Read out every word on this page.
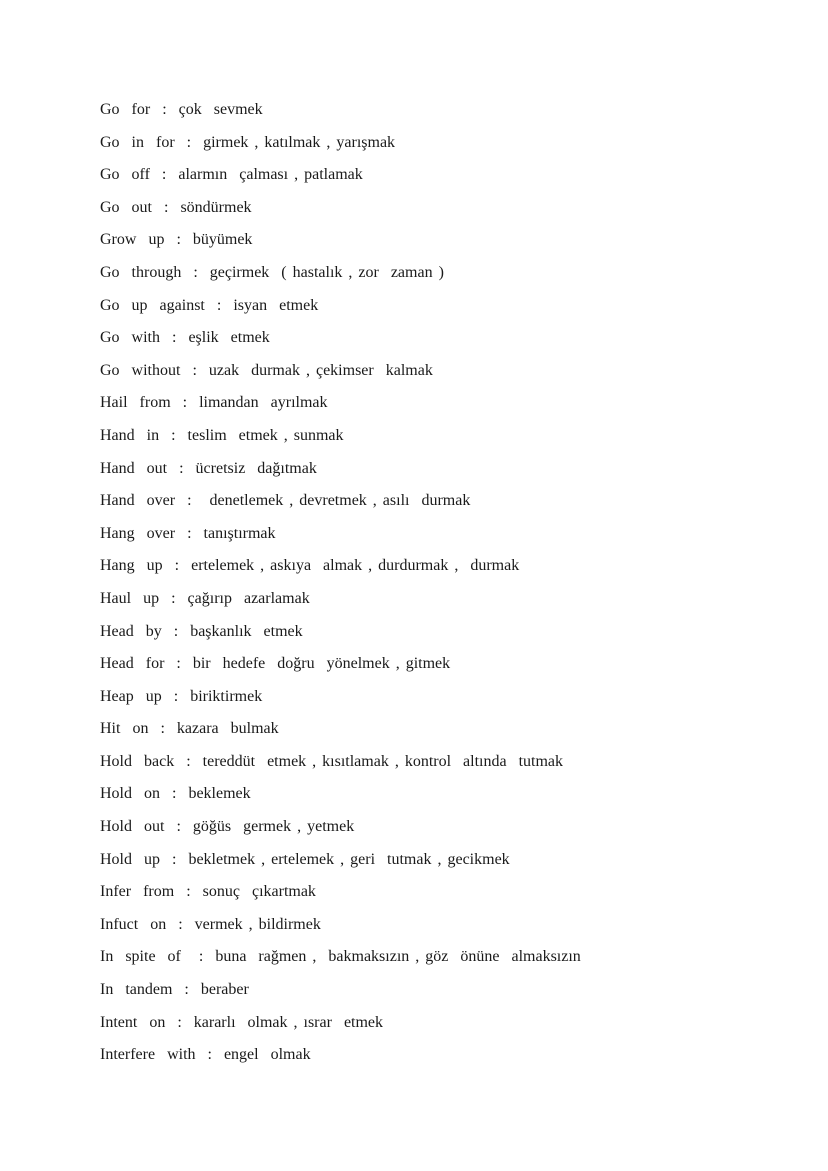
Go  for  :  çok  sevmek
Go  in  for  :  girmek , katılmak , yarışmak
Go  off  :  alarmın  çalması , patlamak
Go  out  :  söndürmek
Grow  up  :  büyümek
Go  through  :  geçirmek  ( hastalık , zor  zaman )
Go  up  against  :  isyan  etmek
Go  with  :  eşlik  etmek
Go  without  :  uzak  durmak , çekimser  kalmak
Hail  from  :  limandan  ayrılmak
Hand  in  :  teslim  etmek , sunmak
Hand  out  :  ücretsiz  dağıtmak
Hand  over  :   denetlemek , devretmek , asılı  durmak
Hang  over  :  tanıştırmak
Hang  up  :  ertelemek , askıya  almak , durdurmak ,  durmak
Haul  up  :  çağırıp  azarlamak
Head  by  :  başkanlık  etmek
Head  for  :  bir  hedefe  doğru  yönelmek , gitmek
Heap  up  :  biriktirmek
Hit  on  :  kazara  bulmak
Hold  back  :  tereddüt  etmek , kısıtlamak , kontrol  altında  tutmak
Hold  on  :  beklemek
Hold  out  :  göğüs  germek , yetmek
Hold  up  :  bekletmek , ertelemek , geri  tutmak , gecikmek
Infer  from  :  sonuç  çıkartmak
Infuct  on  :  vermek , bildirmek
In  spite  of   :  buna  rağmen ,  bakmaksızın , göz  önüne  almaksızın
In  tandem  :  beraber
Intent  on  :  kararlı  olmak , ısrar  etmek
Interfere  with  :  engel  olmak
